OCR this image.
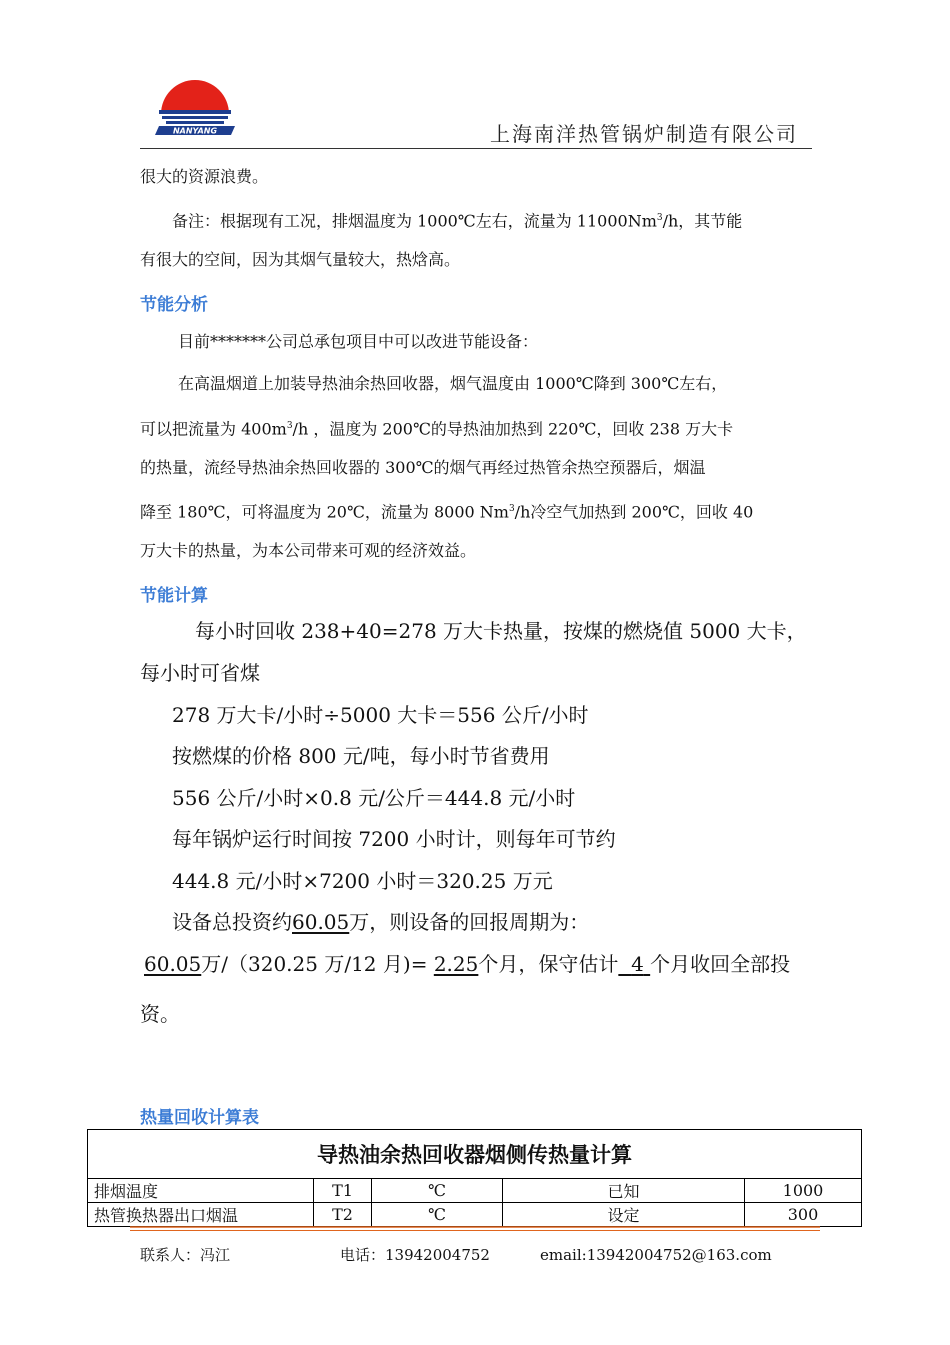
NANYANG	上海南洋热管锅炉制造有限公司
很大的资源浪费。
备注：根据现有工况，排烟温度为 1000℃左右，流量为 11000Nm$^3$/h，其节能
有很大的空间，因为其烟气量较大，热焓高。
节能分析
目前*******公司总承包项目中可以改进节能设备：
在高温烟道上加装导热油余热回收器，烟气温度由 1000℃降到 300℃左右，
可以把流量为 $400m^3/h$ ，温度为 200℃的导热油加热到 220℃，回收 238 万大卡
的热量，流经导热油余热回收器的 300℃的烟气再经过热管余热空预器后，烟温
降至 180℃，可将温度为 20℃，流量为 8000 Nm$^3$/h冷空气加热到 200℃，回收 40
万大卡的热量，为本公司带来可观的经济效益。
节能计算
每小时回收 238+40=278 万大卡热量，按煤的燃烧值 5000 大卡，
每小时可省煤
278 万大卡/小时÷5000 大卡＝556 公斤/小时
按燃煤的价格 800 元/吨，每小时节省费用
556 公斤/小时×0.8 元/公斤＝444.8 元/小时
每年锅炉运行时间按 7200 小时计，则每年可节约
444.8 元/小时×7200 小时＝320.25 万元
设备总投资约60.05万，则设备的回报周期为：
60.05万/（320.25 万/12 月)= 2.25个月，保守估计 4 个月收回全部投
资。
热量回收计算表
导热油余热回收器烟侧传热量计算				
排烟温度	T1	℃	已知	1000
热管换热器出口烟温	T2	℃	设定	300
联系人：冯江	电话：13942004752	email:13942004752@163.com
